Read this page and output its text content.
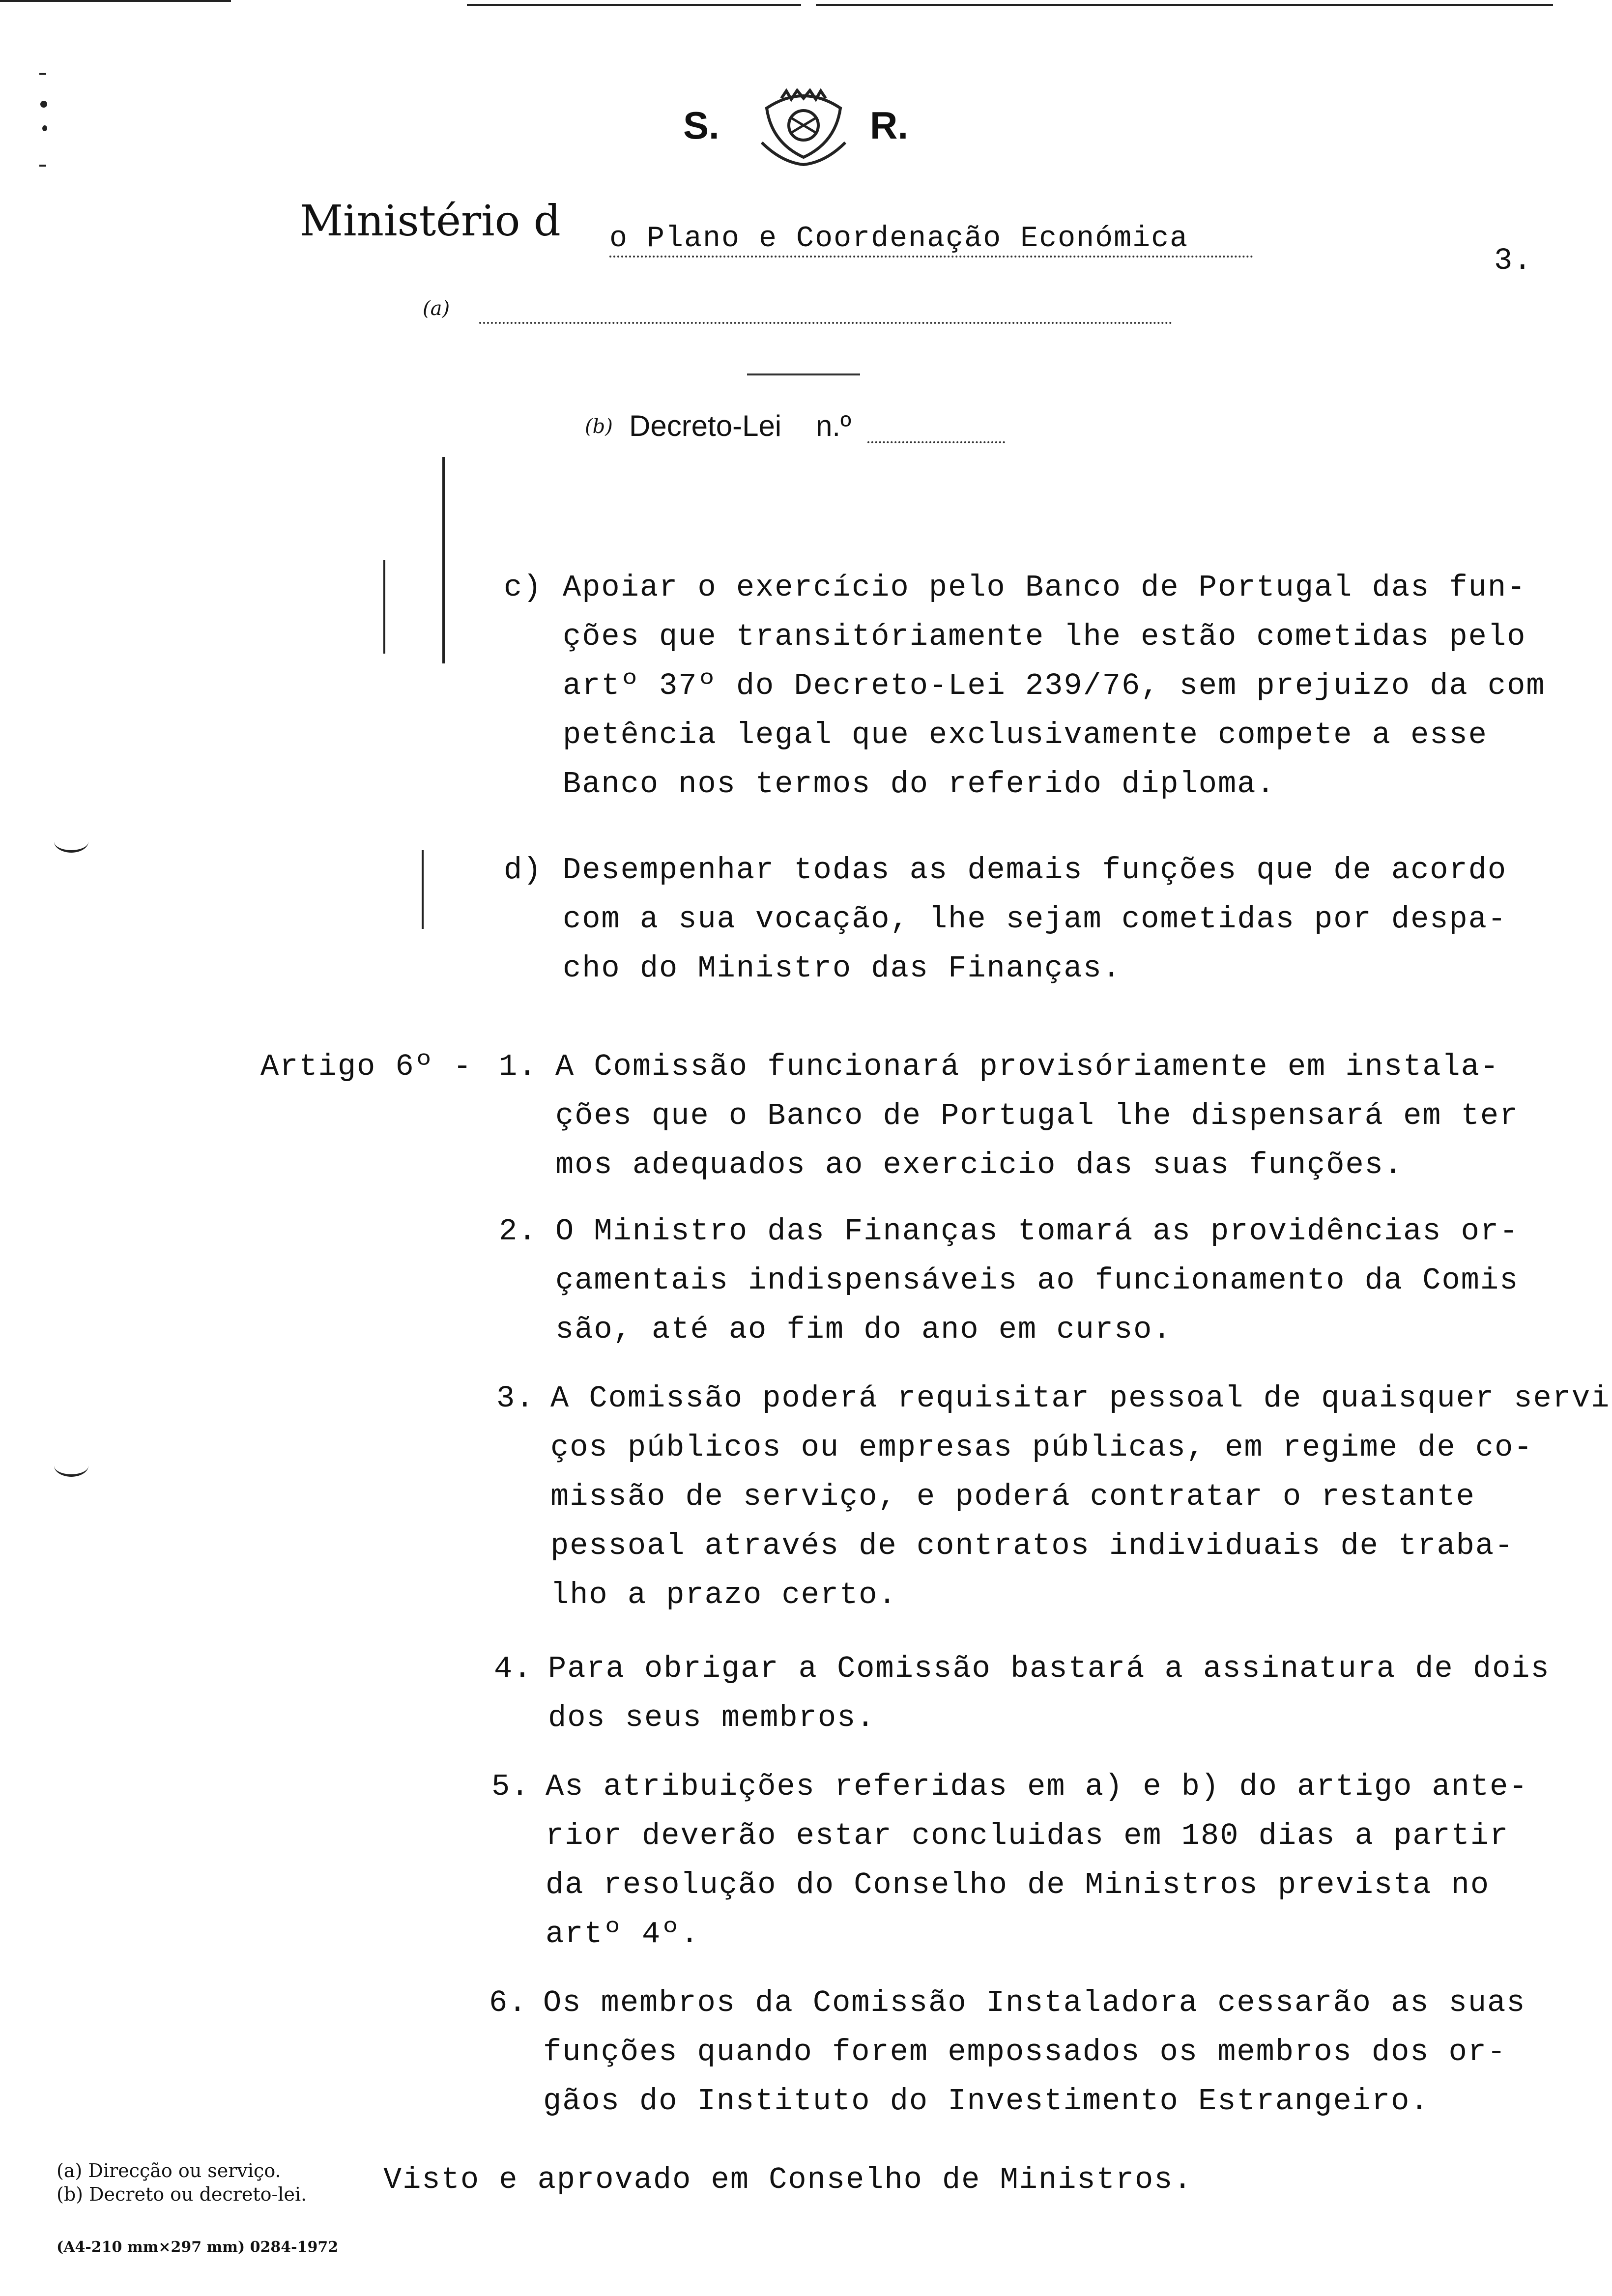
S.	R.
Ministério d o Plano e Coordenação Económica
3.
(a)
(b) Decreto-Lei n.º
c) Apoiar o exercício pelo Banco de Portugal das fun-
ções que transitóriamente lhe estão cometidas pelo
artº 37º do Decreto-Lei 239/76, sem prejuizo da com
petência legal que exclusivamente compete a esse
Banco nos termos do referido diploma.
d) Desempenhar todas as demais funções que de acordo
com a sua vocação, lhe sejam cometidas por despa-
cho do Ministro das Finanças.
Artigo 6º - 1. A Comissão funcionará provisóriamente em instala-
ções que o Banco de Portugal lhe dispensará em ter
mos adequados ao exercicio das suas funções.
2. O Ministro das Finanças tomará as providências or-
çamentais indispensáveis ao funcionamento da Comis
são, até ao fim do ano em curso.
3. A Comissão poderá requisitar pessoal de quaisquer servi
ços públicos ou empresas públicas, em regime de co-
missão de serviço, e poderá contratar o restante
pessoal através de contratos individuais de traba-
lho a prazo certo.
4. Para obrigar a Comissão bastará a assinatura de dois
dos seus membros.
5. As atribuições referidas em a) e b) do artigo ante-
rior deverão estar concluidas em 180 dias a partir
da resolução do Conselho de Ministros prevista no
artº 4º.
6. Os membros da Comissão Instaladora cessarão as suas
funções quando forem empossados os membros dos or-
gãos do Instituto do Investimento Estrangeiro.
Visto e aprovado em Conselho de Ministros.
(a) Direcção ou serviço.
(b) Decreto ou decreto-lei.
(A4-210 mm×297 mm) 0284-1972
